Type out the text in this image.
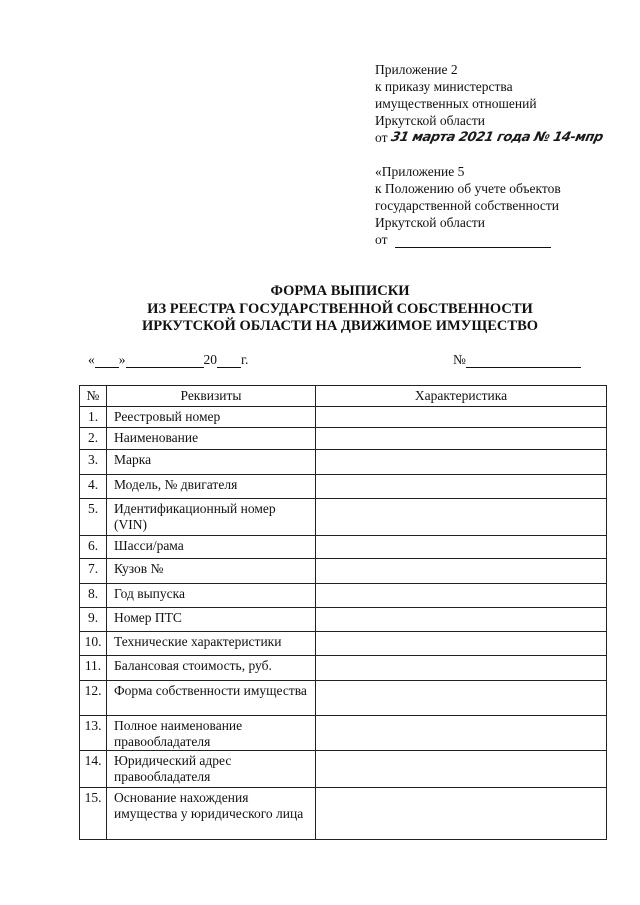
Приложение 2
к приказу министерства
имущественных отношений
Иркутской области
от 31 марта 2021 года № 14-мпр
«Приложение 5
к Положению об учете объектов
государственной собственности
Иркутской области
от
ФОРМА ВЫПИСКИ
ИЗ РЕЕСТРА ГОСУДАРСТВЕННОЙ СОБСТВЕННОСТИ
ИРКУТСКОЙ ОБЛАСТИ НА ДВИЖИМОЕ ИМУЩЕСТВО
« »	20 г.	№
№	Реквизиты	Характеристика
1.	Реестровый номер	
2.	Наименование	
3.	Марка	
4.	Модель, № двигателя	
5.	Идентификационный номер (VIN)	
6.	Шасси/рама	
7.	Кузов №	
8.	Год выпуска	
9.	Номер ПТС	
10.	Технические характеристики	
11.	Балансовая стоимость, руб.	
12.	Форма собственности имущества	
13.	Полное наименование правообладателя	
14.	Юридический адрес правообладателя	
15.	Основание нахождения имущества у юридического лица	
